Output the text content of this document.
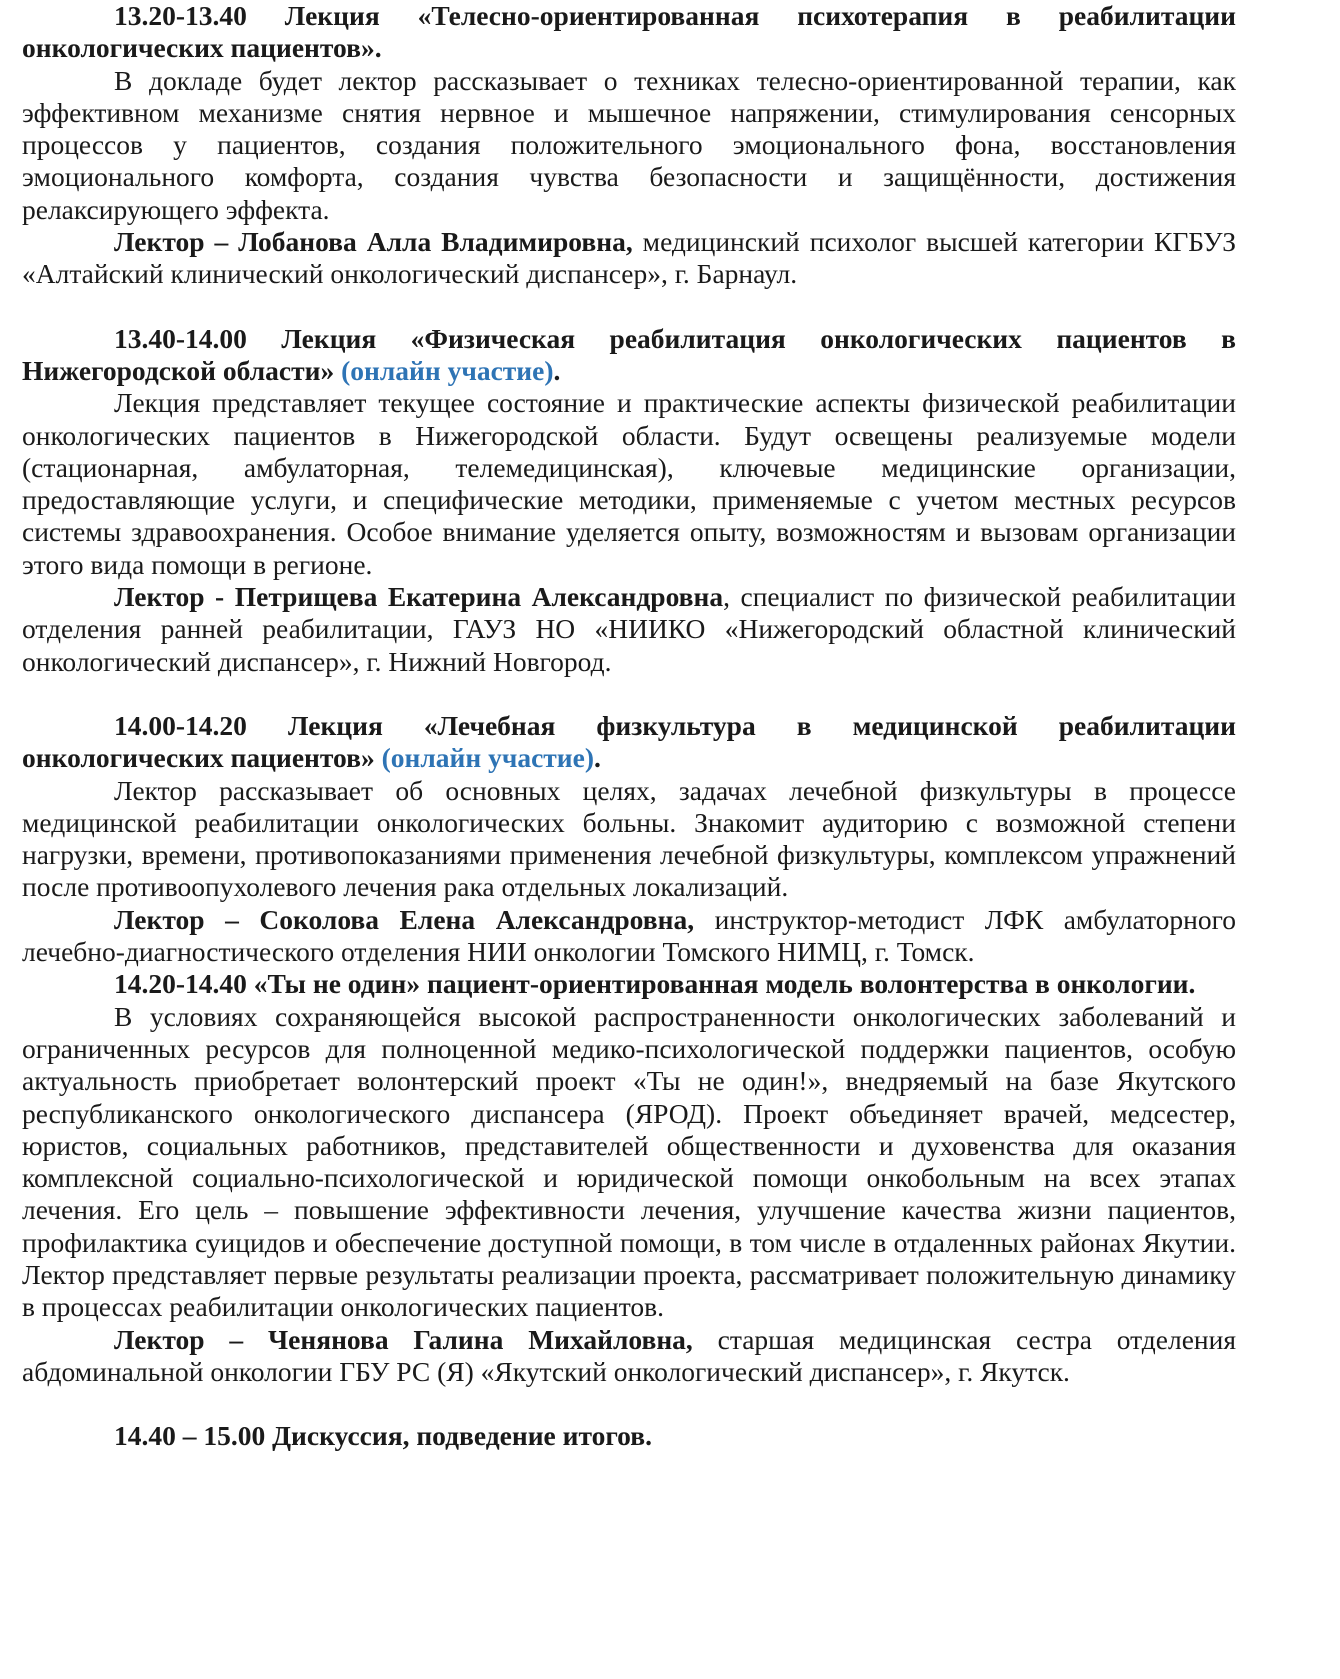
13.20-13.40 Лекция «Телесно-ориентированная психотерапия в реабилитации онкологических пациентов».

В докладе будет лектор рассказывает о техниках телесно-ориентированной терапии, как эффективном механизме снятия нервное и мышечное напряжении, стимулирования сенсорных процессов у пациентов, создания положительного эмоционального фона, восстановления эмоционального комфорта, создания чувства безопасности и защищённости, достижения релаксирующего эффекта.

Лектор – Лобанова Алла Владимировна, медицинский психолог высшей категории КГБУЗ «Алтайский клинический онкологический диспансер», г. Барнаул.

13.40-14.00 Лекция «Физическая реабилитация онкологических пациентов в Нижегородской области» (онлайн участие).

Лекция представляет текущее состояние и практические аспекты физической реабилитации онкологических пациентов в Нижегородской области. Будут освещены реализуемые модели (стационарная, амбулаторная, телемедицинская), ключевые медицинские организации, предоставляющие услуги, и специфические методики, применяемые с учетом местных ресурсов системы здравоохранения. Особое внимание уделяется опыту, возможностям и вызовам организации этого вида помощи в регионе.

Лектор - Петрищева Екатерина Александровна, специалист по физической реабилитации отделения ранней реабилитации, ГАУЗ НО «НИИКО «Нижегородский областной клинический онкологический диспансер», г. Нижний Новгород.

14.00-14.20 Лекция «Лечебная физкультура в медицинской реабилитации онкологических пациентов» (онлайн участие).

Лектор рассказывает об основных целях, задачах лечебной физкультуры в процессе медицинской реабилитации онкологических больны. Знакомит аудиторию с возможной степени нагрузки, времени, противопоказаниями применения лечебной физкультуры, комплексом упражнений после противоопухолевого лечения рака отдельных локализаций.

Лектор – Соколова Елена Александровна, инструктор-методист ЛФК амбулаторного лечебно-диагностического отделения НИИ онкологии Томского НИМЦ, г. Томск.

14.20-14.40 «Ты не один» пациент-ориентированная модель волонтерства в онкологии.

В условиях сохраняющейся высокой распространенности онкологических заболеваний и ограниченных ресурсов для полноценной медико-психологической поддержки пациентов, особую актуальность приобретает волонтерский проект «Ты не один!», внедряемый на базе Якутского республиканского онкологического диспансера (ЯРОД). Проект объединяет врачей, медсестер, юристов, социальных работников, представителей общественности и духовенства для оказания комплексной социально-психологической и юридической помощи онкобольным на всех этапах лечения. Его цель – повышение эффективности лечения, улучшение качества жизни пациентов, профилактика суицидов и обеспечение доступной помощи, в том числе в отдаленных районах Якутии. Лектор представляет первые результаты реализации проекта, рассматривает положительную динамику в процессах реабилитации онкологических пациентов.

Лектор – Ченянова Галина Михайловна, старшая медицинская сестра отделения абдоминальной онкологии ГБУ РС (Я) «Якутский онкологический диспансер», г. Якутск.

14.40 – 15.00 Дискуссия, подведение итогов.
